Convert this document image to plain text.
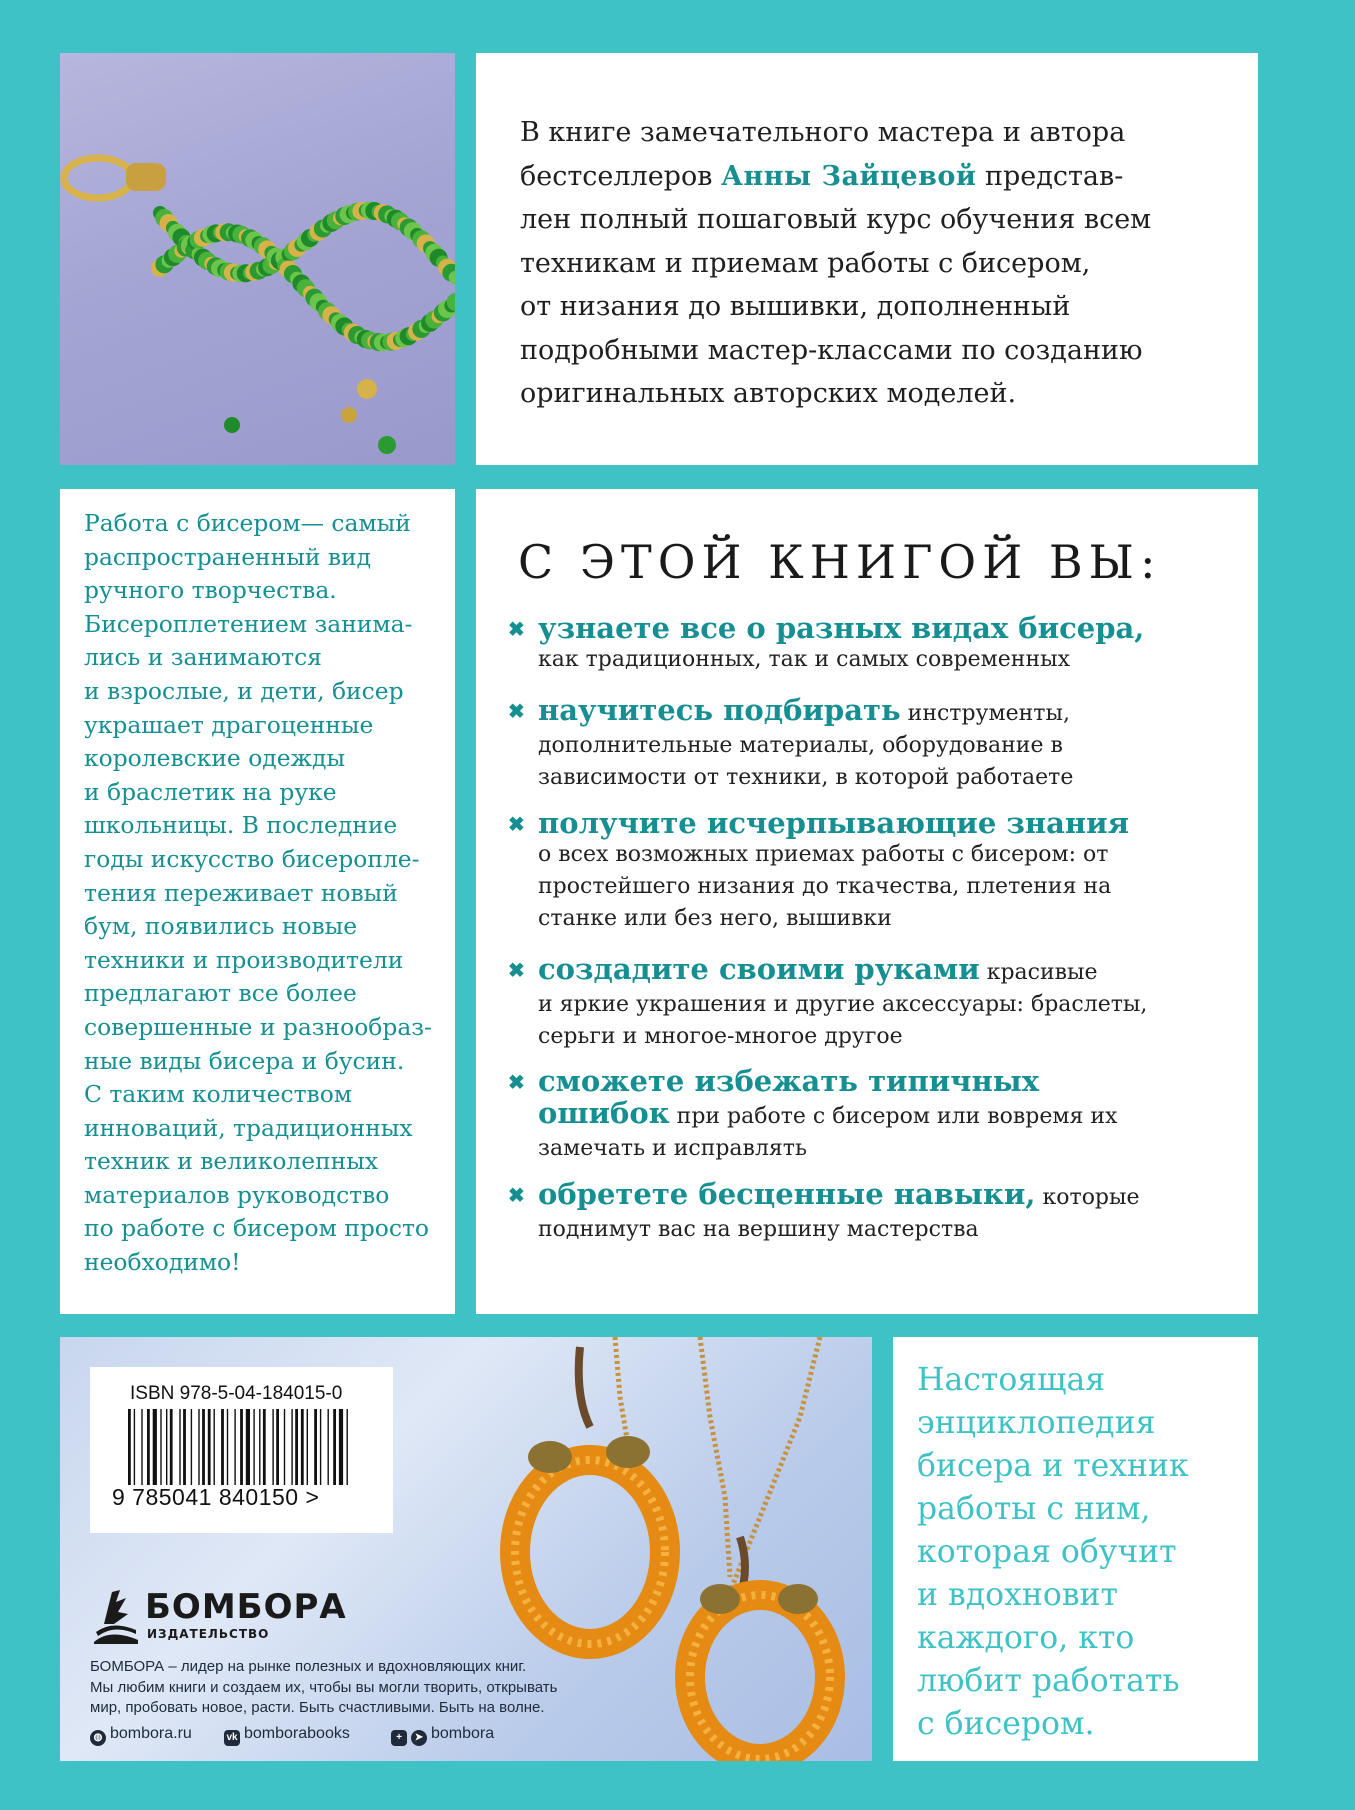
В книге замечательного мастера и автора
бестселлеров Анны Зайцевой представ-
лен полный пошаговый курс обучения всем
техникам и приемам работы с бисером,
от низания до вышивки, дополненный
подробными мастер-классами по созданию
оригинальных авторских моделей.
Работа с бисером— самый
распространенный вид
ручного творчества.
Бисероплетением занима-
лись и занимаются
и взрослые, и дети, бисер
украшает драгоценные
королевские одежды
и браслетик на руке
школьницы. В последние
годы искусство бисеропле-
тения переживает новый
бум, появились новые
техники и производители
предлагают все более
совершенные и разнообраз-
ные виды бисера и бусин.
С таким количеством
инноваций, традиционных
техник и великолепных
материалов руководство
по работе с бисером просто
необходимо!
С ЭТОЙ КНИГОЙ ВЫ:
✖ узнаете все о разных видах бисера,
как традиционных, так и самых современных
✖ научитесь подбирать инструменты,
дополнительные материалы, оборудование в
зависимости от техники, в которой работаете
✖ получите исчерпывающие знания
о всех возможных приемах работы с бисером: от
простейшего низания до ткачества, плетения на
станке или без него, вышивки
✖ создадите своими руками красивые
и яркие украшения и другие аксессуары: браслеты,
серьги и многое-многое другое
✖ сможете избежать типичных
ошибок при работе с бисером или вовремя их
замечать и исправлять
✖ обретете бесценные навыки, которые
поднимут вас на вершину мастерства
ISBN 978-5-04-184015-0
9 785041 840150 >
БОМБОРА
ИЗДАТЕЛЬСТВО
БОМБОРА – лидер на рынке полезных и вдохновляющих книг.
Мы любим книги и создаем их, чтобы вы могли творить, открывать
мир, пробовать новое, расти. Быть счастливыми. Быть на волне.
◍ bombora.ru	vk bomborabooks	+ ➤ bombora
Настоящая
энциклопедия
бисера и техник
работы с ним,
которая обучит
и вдохновит
каждого, кто
любит работать
с бисером.
